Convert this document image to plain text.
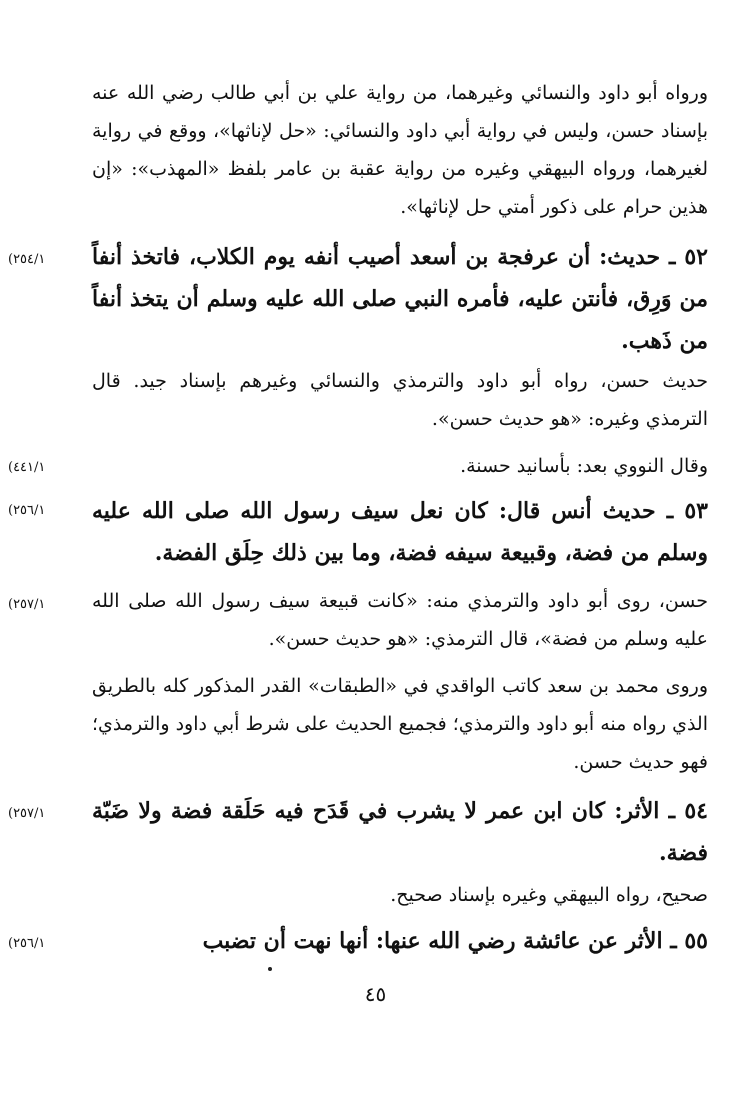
ورواه أبو داود والنسائي وغيرهما، من رواية علي بن أبي طالب رضي الله عنه بإسناد حسن، وليس في رواية أبي داود والنسائي: «حل لإناثها»، ووقع في رواية لغيرهما، ورواه البيهقي وغيره من رواية عقبة بن عامر بلفظ «المهذب»: «إن هذين حرام على ذكور أمتي حل لإناثها».
(٢٥٤/١	٥٢ ـ حديث: أن عرفجة بن أسعد أصيب أنفه يوم الكلاب، فاتخذ أنفاً من وَرِق، فأنتن عليه، فأمره النبي صلى الله عليه وسلم أن يتخذ أنفاً من ذَهب.
حديث حسن، رواه أبو داود والترمذي والنسائي وغيرهم بإسناد جيد. قال الترمذي وغيره: «هو حديث حسن».
(٤٤١/١	وقال النووي بعد: بأسانيد حسنة.
(٢٥٦/١	٥٣ ـ حديث أنس قال: كان نعل سيف رسول الله صلى الله عليه وسلم من فضة، وقبيعة سيفه فضة، وما بين ذلك حِلَق الفضة.
(٢٥٧/١	حسن، روى أبو داود والترمذي منه: «كانت قبيعة سيف رسول الله صلى الله عليه وسلم من فضة»، قال الترمذي: «هو حديث حسن».
وروى محمد بن سعد كاتب الواقدي في «الطبقات» القدر المذكور كله بالطريق الذي رواه منه أبو داود والترمذي؛ فجميع الحديث على شرط أبي داود والترمذي؛ فهو حديث حسن.
(٢٥٧/١	٥٤ ـ الأثر: كان ابن عمر لا يشرب في قَدَح فيه حَلَقة فضة ولا ضَبّة فضة.
صحيح، رواه البيهقي وغيره بإسناد صحيح.
(٢٥٦/١	٥٥ ـ الأثر عن عائشة رضي الله عنها: أنها نهت أن تضبب
٤٥
